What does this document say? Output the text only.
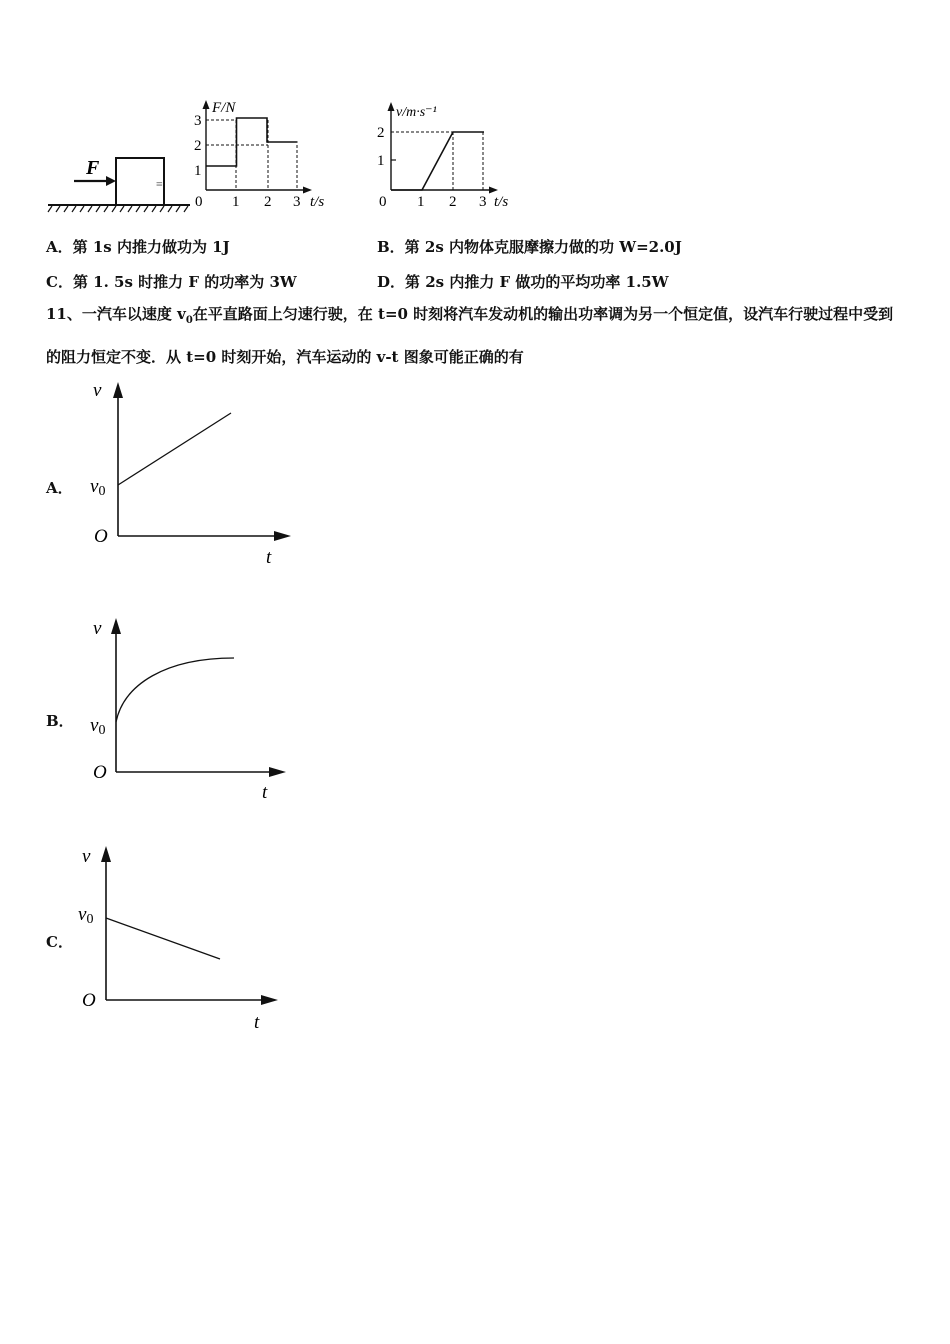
F
≡
1
2
3
0 1 2 3 t/s
F/N
1
2
0 1 2 3 t/s
v/m·s⁻¹
A．第 1s 内推力做功为 1J	B．第 2s 内物体克服摩擦力做的功 W=2.0J
C．第 1. 5s 时推力 F 的功率为 3W	D．第 2s 内推力 F 做功的平均功率 1.5W
11、一汽车以速度 $v_0$在平直路面上匀速行驶，在 t=0 时刻将汽车发动机的输出功率调为另一个恒定值，设汽车行驶过程中受到的阻力恒定不变．从 t=0 时刻开始，汽车运动的 v-t 图象可能正确的有
A．
v
v0
O
t
B．
v
v0
O
t
C．
v
v0
O
t
